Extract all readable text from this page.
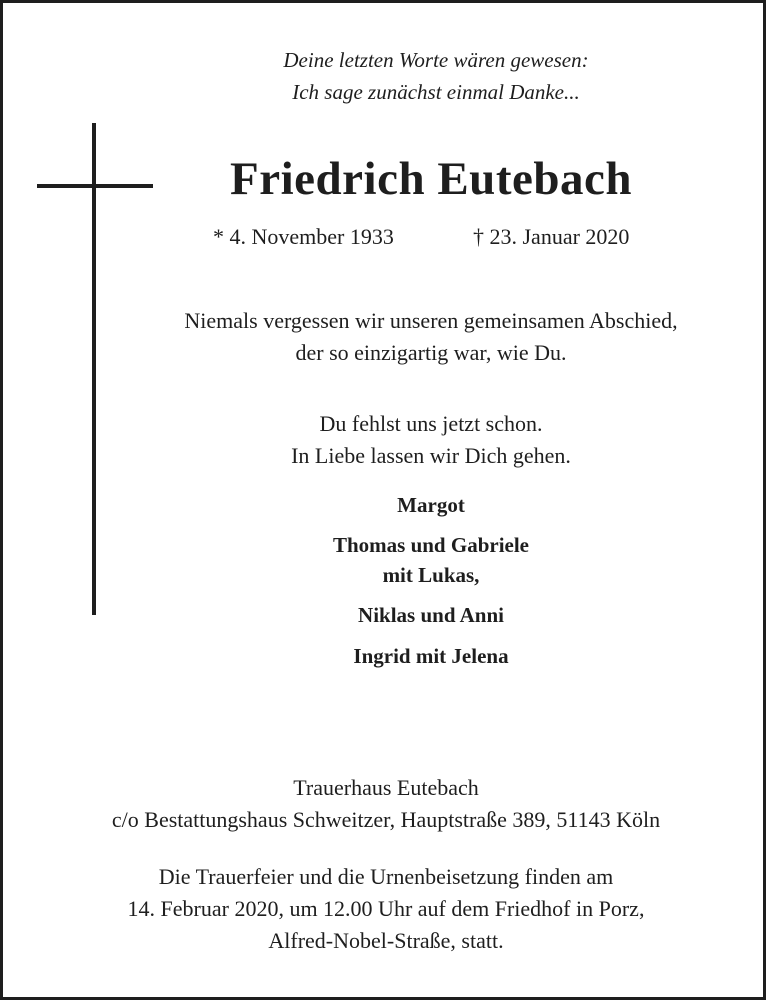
Deine letzten Worte wären gewesen:
Ich sage zunächst einmal Danke...
Friedrich Eutebach
* 4. November 1933	† 23. Januar 2020
Niemals vergessen wir unseren gemeinsamen Abschied,
der so einzigartig war, wie Du.
Du fehlst uns jetzt schon.
In Liebe lassen wir Dich gehen.
Margot
Thomas und Gabriele
mit Lukas,
Niklas und Anni
Ingrid mit Jelena
Trauerhaus Eutebach
c/o Bestattungshaus Schweitzer, Hauptstraße 389, 51143 Köln
Die Trauerfeier und die Urnenbeisetzung finden am
14. Februar 2020, um 12.00 Uhr auf dem Friedhof in Porz,
Alfred-Nobel-Straße, statt.
